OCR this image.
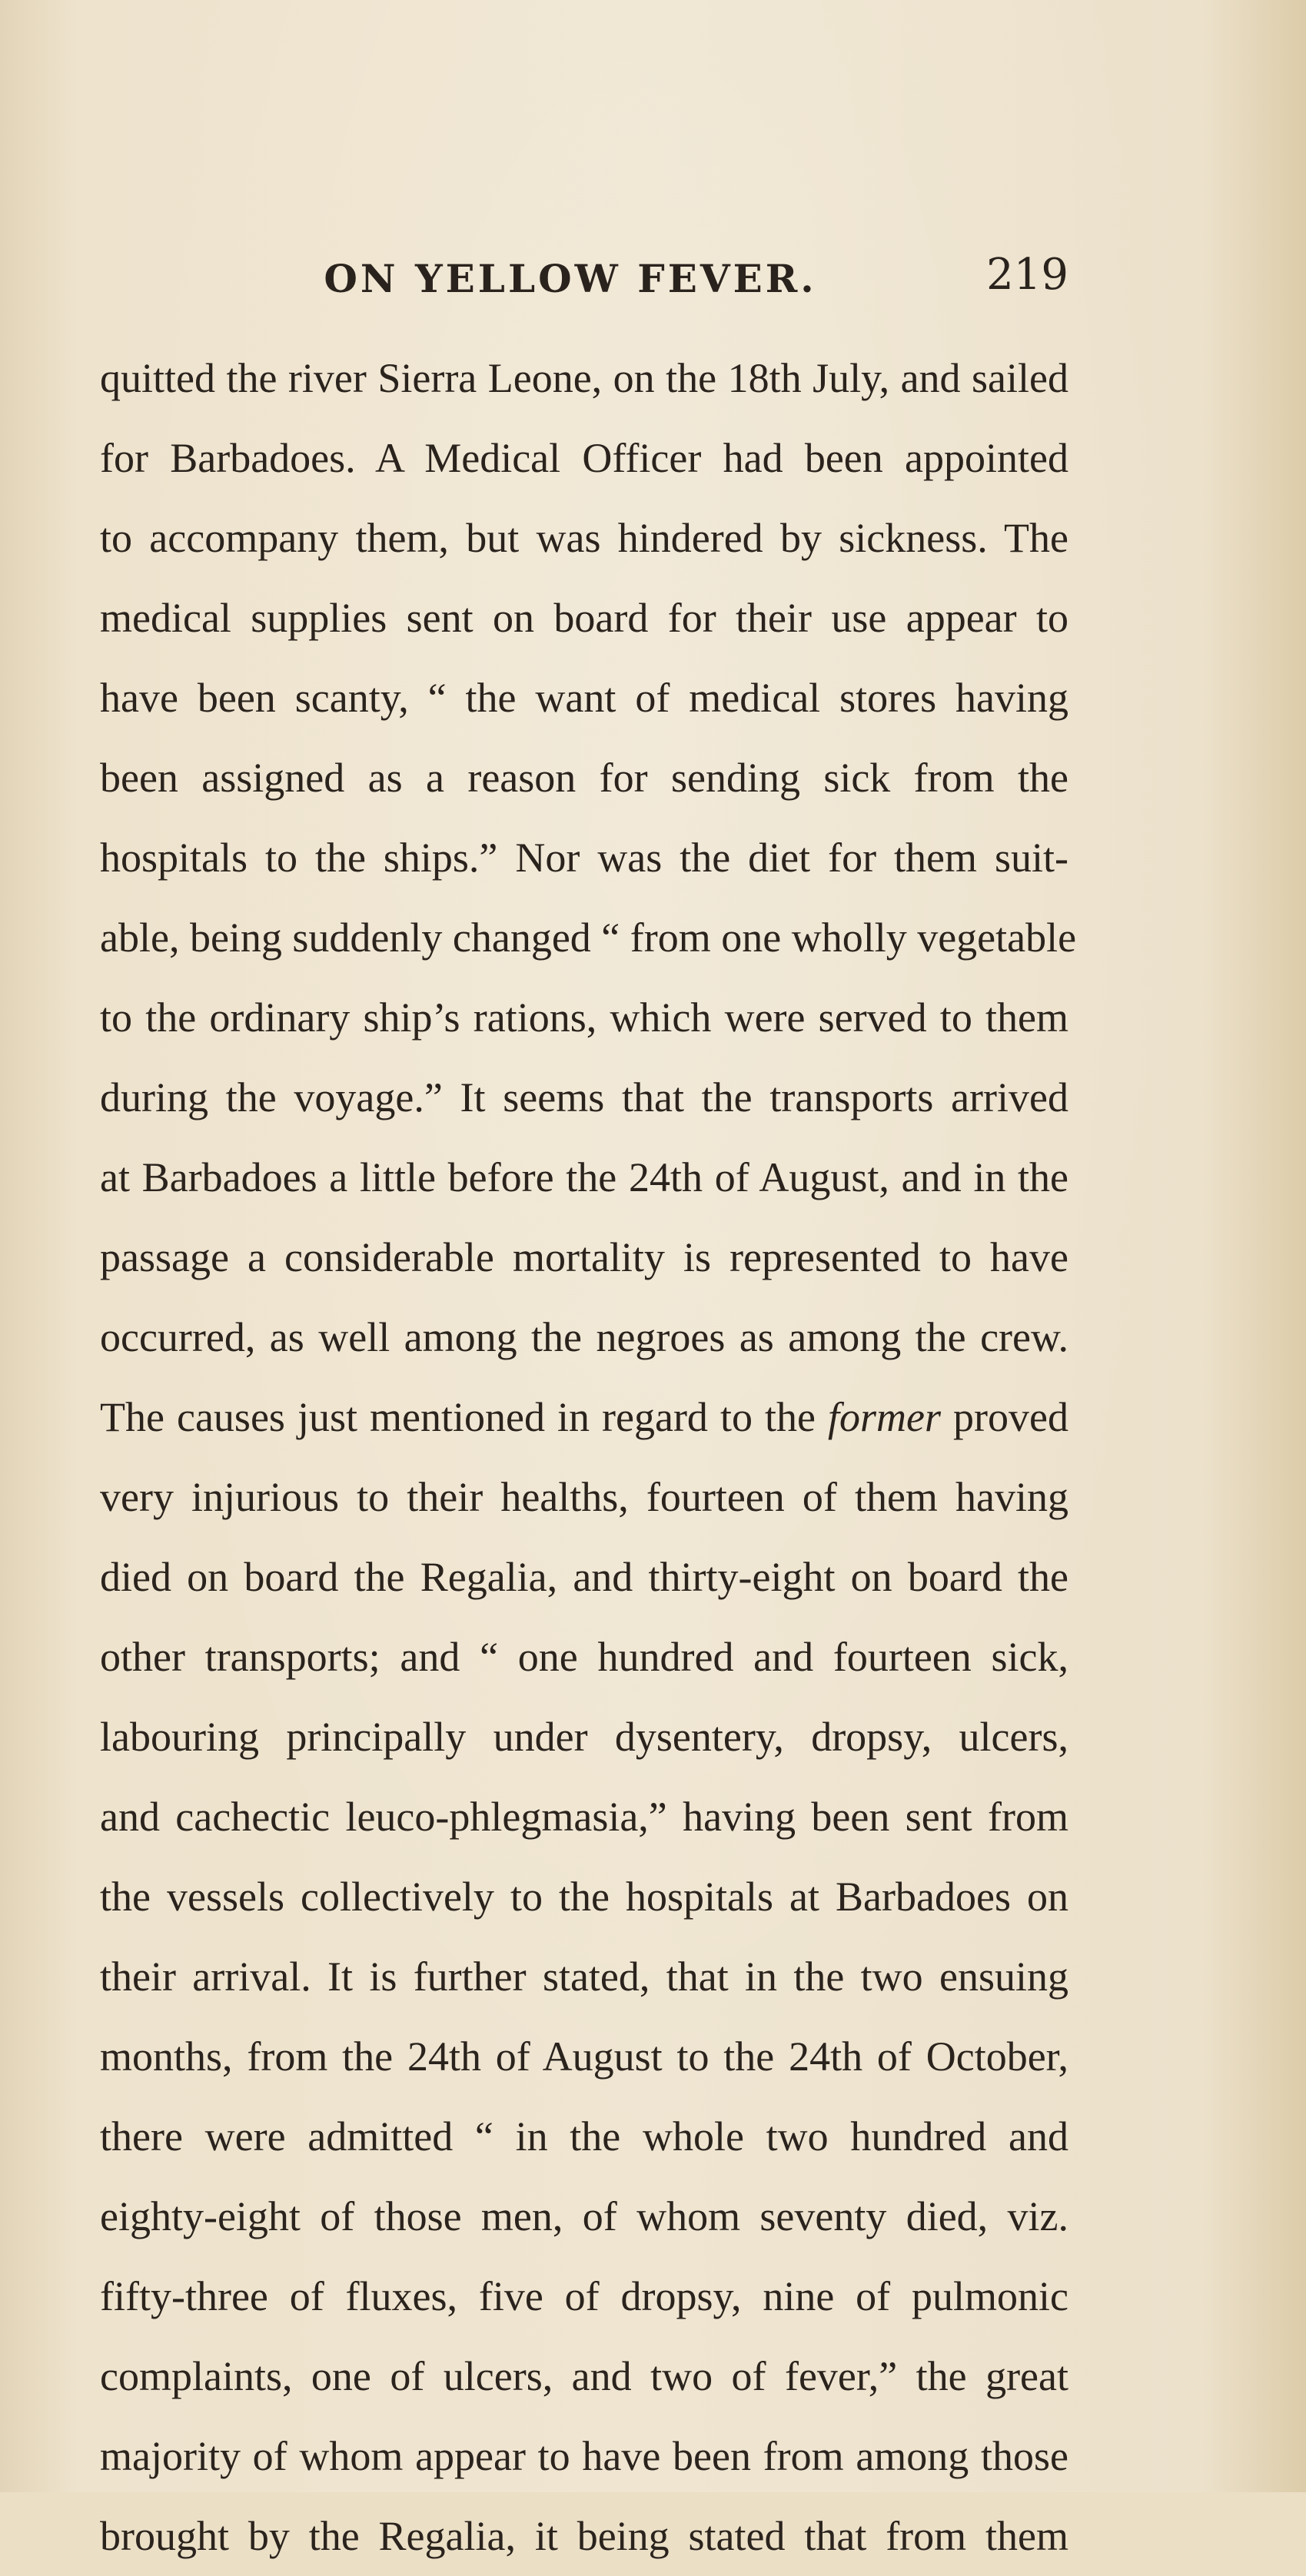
ON YELLOW FEVER.	219
quitted the river Sierra Leone, on the 18th July, and sailed
for Barbadoes. A Medical Officer had been appointed
to accompany them, but was hindered by sickness. The
medical supplies sent on board for their use appear to
have been scanty, “ the want of medical stores having
been assigned as a reason for sending sick from the
hospitals to the ships.” Nor was the diet for them suit-
able, being suddenly changed “ from one wholly vegetable
to the ordinary ship’s rations, which were served to them
during the voyage.” It seems that the transports arrived
at Barbadoes a little before the 24th of August, and in the
passage a considerable mortality is represented to have
occurred, as well among the negroes as among the crew.
The causes just mentioned in regard to the former proved
very injurious to their healths, fourteen of them having
died on board the Regalia, and thirty-eight on board the
other transports; and “ one hundred and fourteen sick,
labouring principally under dysentery, dropsy, ulcers,
and cachectic leuco-phlegmasia,” having been sent from
the vessels collectively to the hospitals at Barbadoes on
their arrival. It is further stated, that in the two ensuing
months, from the 24th of August to the 24th of October,
there were admitted “ in the whole two hundred and
eighty-eight of those men, of whom seventy died, viz.
fifty-three of fluxes, five of dropsy, nine of pulmonic
complaints, one of ulcers, and two of fever,” the great
majority of whom appear to have been from among those
brought by the Regalia, it being stated that from them
